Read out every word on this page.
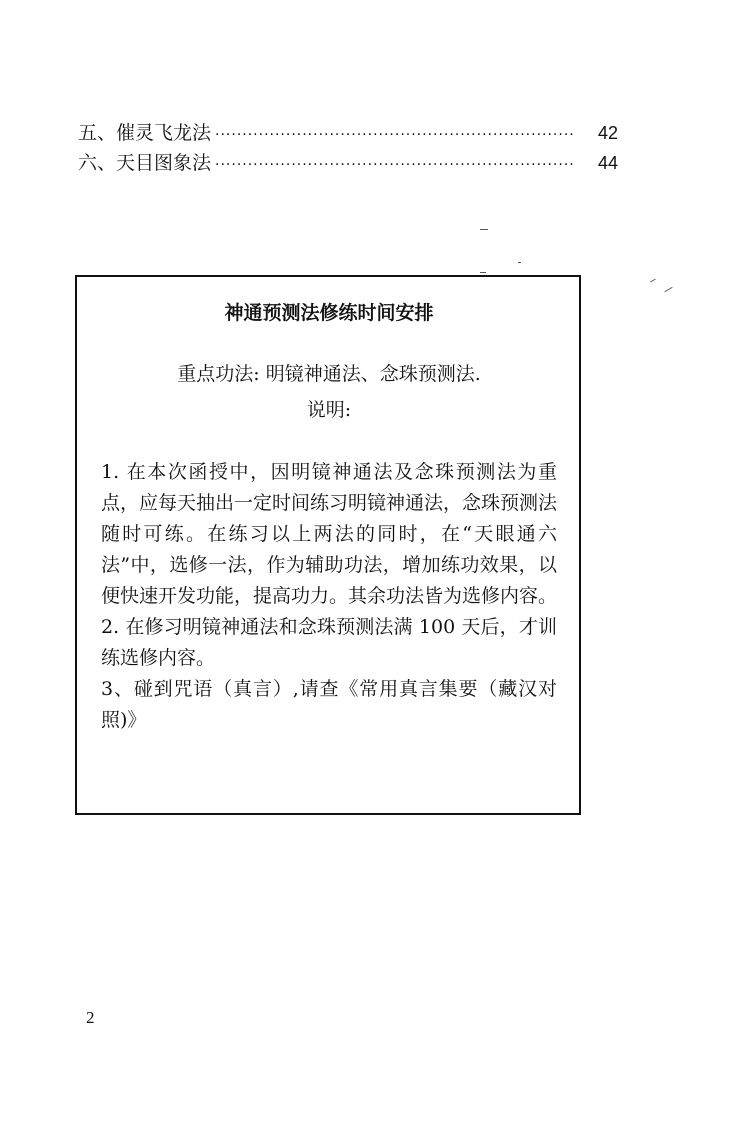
五、催灵飞龙法 ··································································	42
六、天目图象法 ··································································	44
神通预测法修练时间安排

重点功法: 明镜神通法、念珠预测法.

说明:

1. 在本次函授中，因明镜神通法及念珠预测法为重点，应每天抽出一定时间练习明镜神通法，念珠预测法随时可练。在练习以上两法的同时，在“天眼通六法”中，选修一法，作为辅助功法，增加练功效果，以便快速开发功能，提高功力。其余功法皆为选修内容。

2. 在修习明镜神通法和念珠预测法满 100 天后，才训练选修内容。

3、碰到咒语（真言）,请查《常用真言集要（藏汉对照)》

2
